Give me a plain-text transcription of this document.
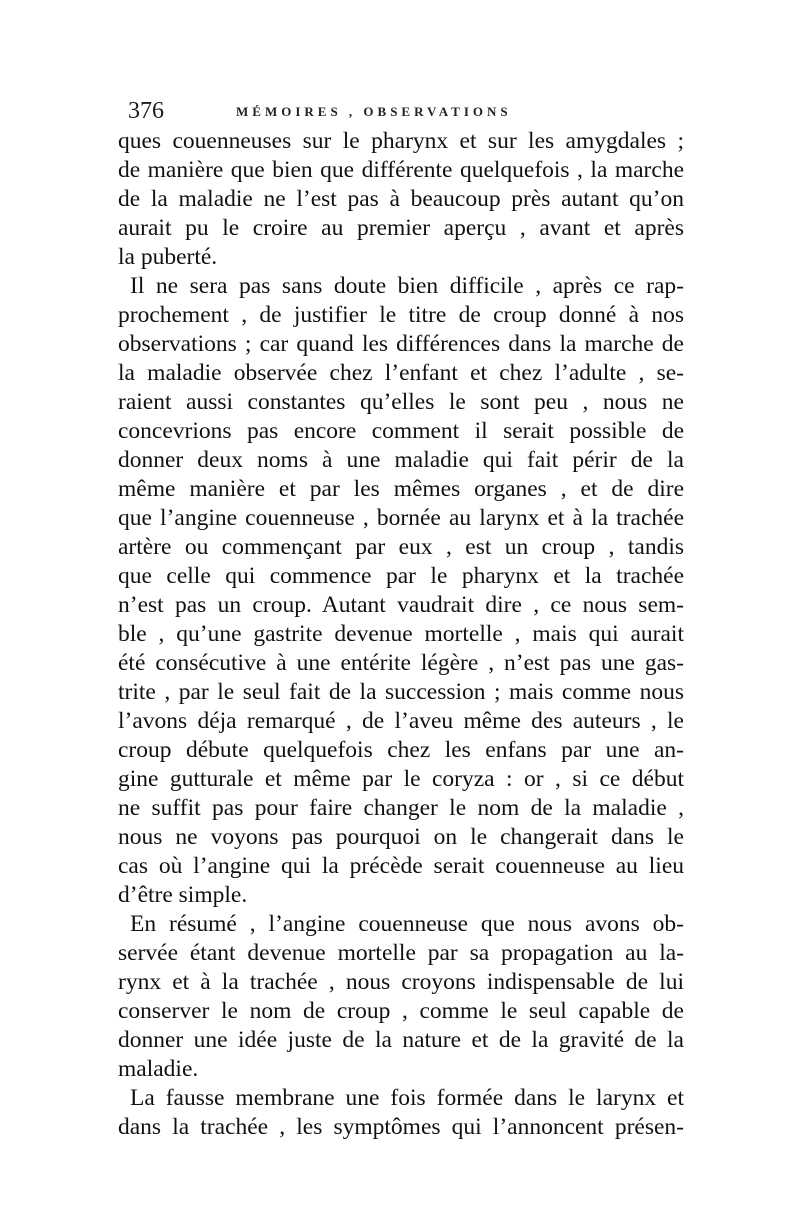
376	MÉMOIRES , OBSERVATIONS
ques couenneuses sur le pharynx et sur les amygdales ;
de manière que bien que différente quelquefois , la marche
de la maladie ne l’est pas à beaucoup près autant qu’on
aurait pu le croire au premier aperçu , avant et après
la puberté.
Il ne sera pas sans doute bien difficile , après ce rap-
prochement , de justifier le titre de croup donné à nos
observations ; car quand les différences dans la marche de
la maladie observée chez l’enfant et chez l’adulte , se-
raient aussi constantes qu’elles le sont peu , nous ne
concevrions pas encore comment il serait possible de
donner deux noms à une maladie qui fait périr de la
même manière et par les mêmes organes , et de dire
que l’angine couenneuse , bornée au larynx et à la trachée
artère ou commençant par eux , est un croup , tandis
que celle qui commence par le pharynx et la trachée
n’est pas un croup. Autant vaudrait dire , ce nous sem-
ble , qu’une gastrite devenue mortelle , mais qui aurait
été consécutive à une entérite légère , n’est pas une gas-
trite , par le seul fait de la succession ; mais comme nous
l’avons déja remarqué , de l’aveu même des auteurs , le
croup débute quelquefois chez les enfans par une an-
gine gutturale et même par le coryza : or , si ce début
ne suffit pas pour faire changer le nom de la maladie ,
nous ne voyons pas pourquoi on le changerait dans le
cas où l’angine qui la précède serait couenneuse au lieu
d’être simple.
En résumé , l’angine couenneuse que nous avons ob-
servée étant devenue mortelle par sa propagation au la-
rynx et à la trachée , nous croyons indispensable de lui
conserver le nom de croup , comme le seul capable de
donner une idée juste de la nature et de la gravité de la
maladie.
La fausse membrane une fois formée dans le larynx et
dans la trachée , les symptômes qui l’annoncent présen-
